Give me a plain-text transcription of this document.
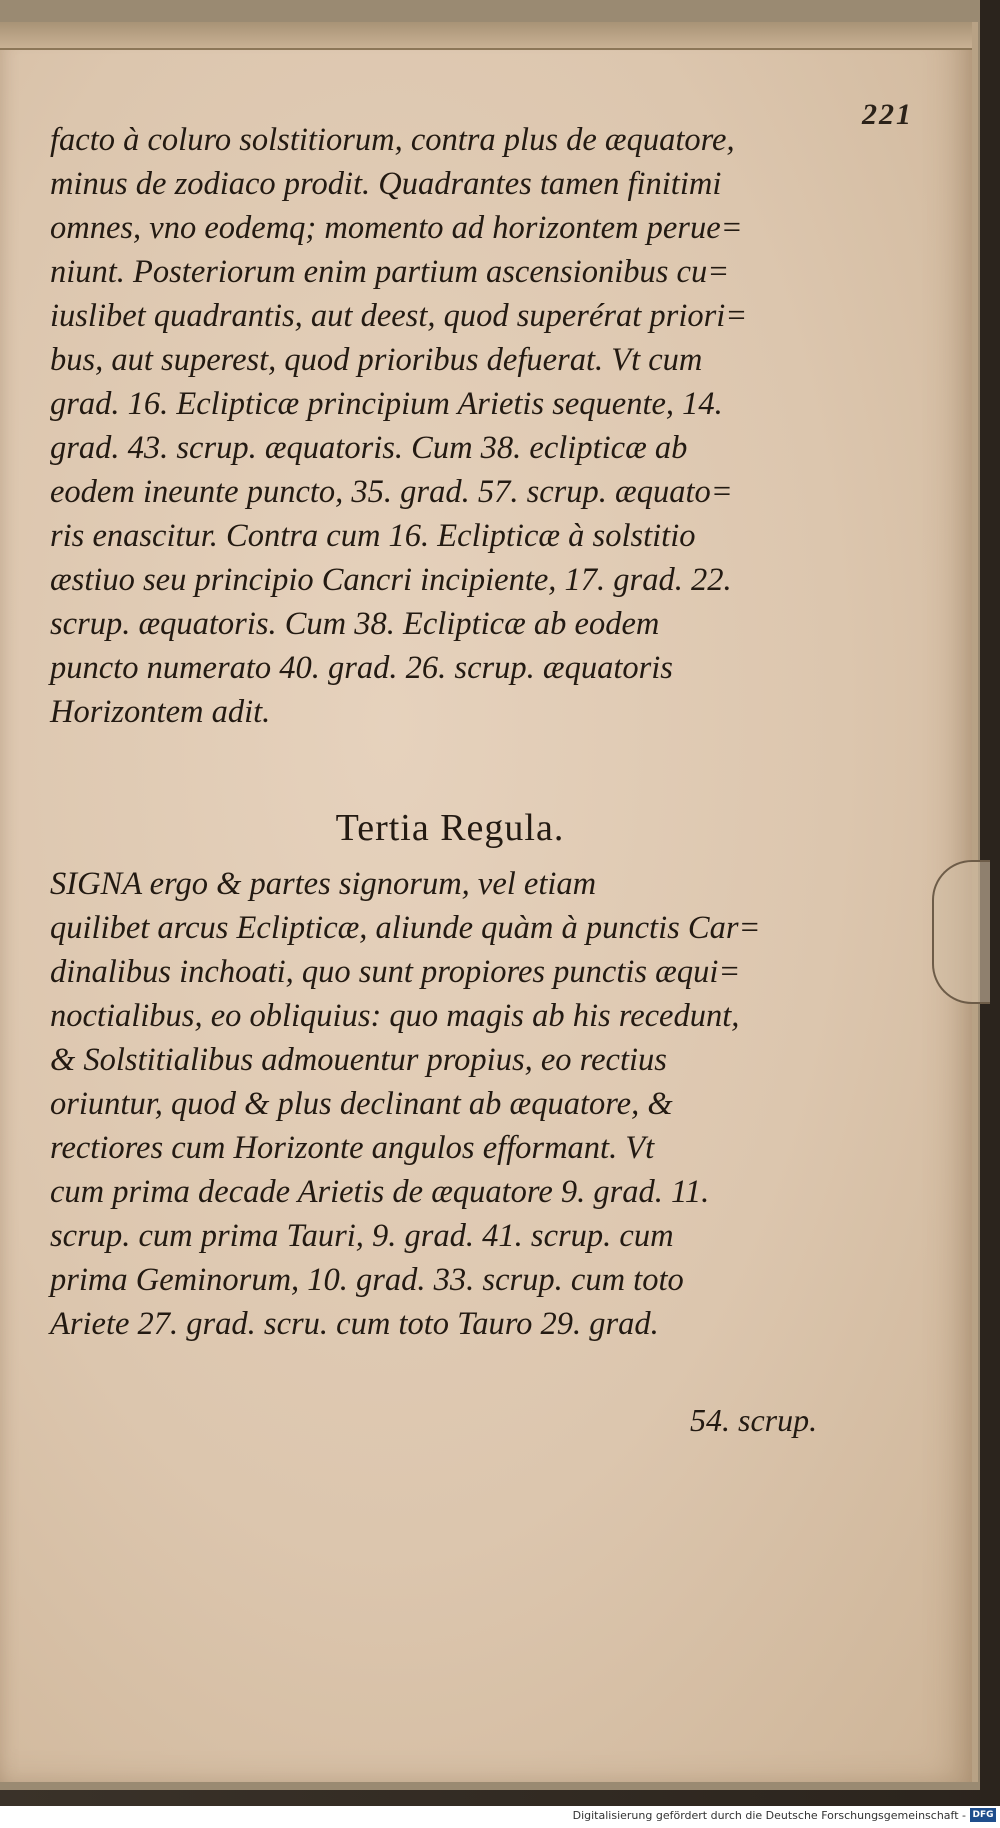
221
facto à coluro solstitiorum, contra plus de æquatore,
minus de zodiaco prodit. Quadrantes tamen finitimi
omnes, vno eodemq; momento ad horizontem perue=
niunt. Posteriorum enim partium ascensionibus cu=
iuslibet quadrantis, aut deest, quod superérat priori=
bus, aut superest, quod prioribus defuerat. Vt cum
grad. 16. Eclipticæ principium Arietis sequente, 14.
grad. 43. scrup. æquatoris. Cum 38. eclipticæ ab
eodem ineunte puncto, 35. grad. 57. scrup. æquato=
ris enascitur. Contra cum 16. Eclipticæ à solstitio
æstiuo seu principio Cancri incipiente, 17. grad. 22.
scrup. æquatoris. Cum 38. Eclipticæ ab eodem
puncto numerato 40. grad. 26. scrup. æquatoris
Horizontem adit.
Tertia Regula.
SIGNA ergo & partes signorum, vel etiam
quilibet arcus Eclipticæ, aliunde quàm à punctis Car=
dinalibus inchoati, quo sunt propiores punctis æqui=
noctialibus, eo obliquius: quo magis ab his recedunt,
& Solstitialibus admouentur propius, eo rectius
oriuntur, quod & plus declinant ab æquatore, &
rectiores cum Horizonte angulos efformant. Vt
cum prima decade Arietis de æquatore 9. grad. 11.
scrup. cum prima Tauri, 9. grad. 41. scrup. cum
prima Geminorum, 10. grad. 33. scrup. cum toto
Ariete 27. grad. scru. cum toto Tauro 29. grad.
54. scrup.
Digitalisierung gefördert durch die Deutsche Forschungsgemeinschaft - DFG
